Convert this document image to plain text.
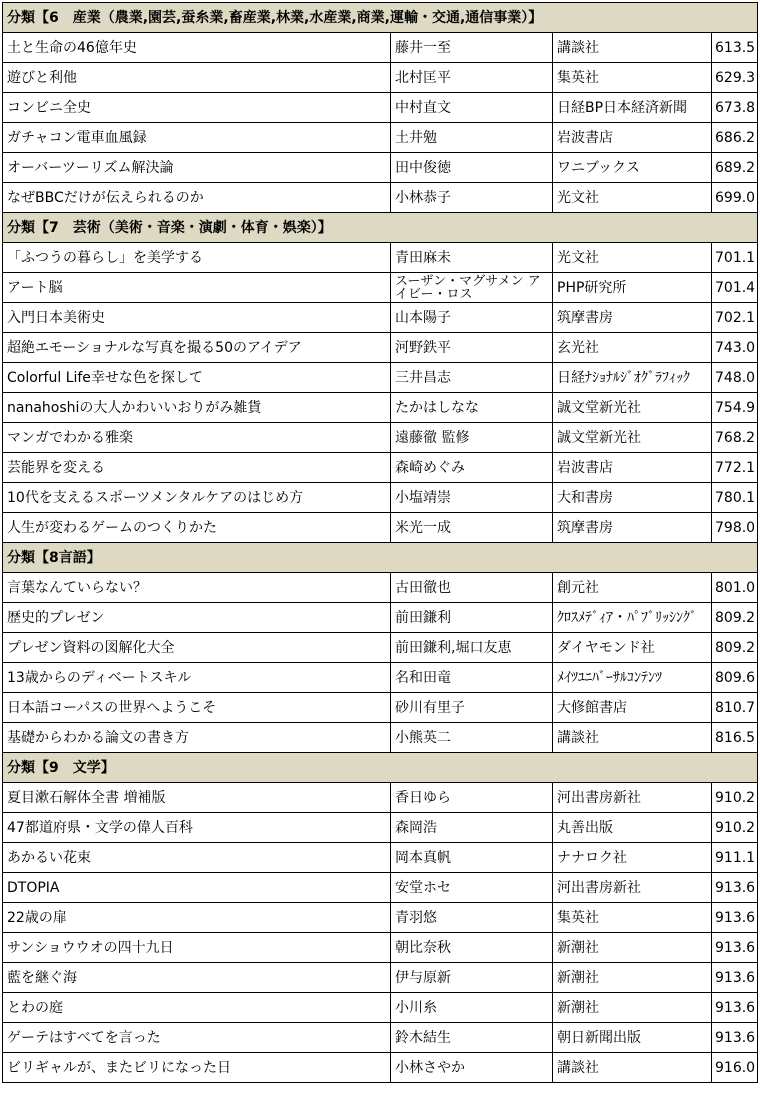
分類【6　産業（農業,園芸,蚕糸業,畜産業,林業,水産業,商業,運輸・交通,通信事業）】			
土と生命の46億年史	藤井一至	講談社	613.5
遊びと利他	北村匡平	集英社	629.3
コンビニ全史	中村直文	日経BP日本経済新聞	673.8
ガチャコン電車血風録	土井勉	岩波書店	686.2
オーバーツーリズム解決論	田中俊徳	ワニブックス	689.2
なぜBBCだけが伝えられるのか	小林恭子	光文社	699.0
分類【7　芸術（美術・音楽・演劇・体育・娯楽）】			
「ふつうの暮らし」を美学する	青田麻未	光文社	701.1
アート脳	スーザン・マグサメン アイビー・ロス	PHP研究所	701.4
入門日本美術史	山本陽子	筑摩書房	702.1
超絶エモーショナルな写真を撮る50のアイデア	河野鉄平	玄光社	743.0
Colorful Life幸せな色を探して	三井昌志	日経ﾅｼｮﾅﾙｼﾞｵｸﾞﾗﾌｨｯｸ	748.0
nanahoshiの大人かわいいおりがみ雑貨	たかはしなな	誠文堂新光社	754.9
マンガでわかる雅楽	遠藤徹 監修	誠文堂新光社	768.2
芸能界を変える	森崎めぐみ	岩波書店	772.1
10代を支えるスポーツメンタルケアのはじめ方	小塩靖崇	大和書房	780.1
人生が変わるゲームのつくりかた	米光一成	筑摩書房	798.0
分類【8言語】			
言葉なんていらない？	古田徹也	創元社	801.0
歴史的プレゼン	前田鎌利	ｸﾛｽﾒﾃﾞｨｱ・ﾊﾟﾌﾞﾘｯｼﾝｸﾞ	809.2
プレゼン資料の図解化大全	前田鎌利,堀口友恵	ダイヤモンド社	809.2
13歳からのディベートスキル	名和田竜	ﾒｲﾂﾕﾆﾊﾞｰｻﾙｺﾝﾃﾝﾂ	809.6
日本語コーパスの世界へようこそ	砂川有里子	大修館書店	810.7
基礎からわかる論文の書き方	小熊英二	講談社	816.5
分類【9　文学】			
夏目漱石解体全書 増補版	香日ゆら	河出書房新社	910.2
47都道府県・文学の偉人百科	森岡浩	丸善出版	910.2
あかるい花束	岡本真帆	ナナロク社	911.1
DTOPIA	安堂ホセ	河出書房新社	913.6
22歳の扉	青羽悠	集英社	913.6
サンショウウオの四十九日	朝比奈秋	新潮社	913.6
藍を継ぐ海	伊与原新	新潮社	913.6
とわの庭	小川糸	新潮社	913.6
ゲーテはすべてを言った	鈴木結生	朝日新聞出版	913.6
ビリギャルが、またビリになった日	小林さやか	講談社	916.0
